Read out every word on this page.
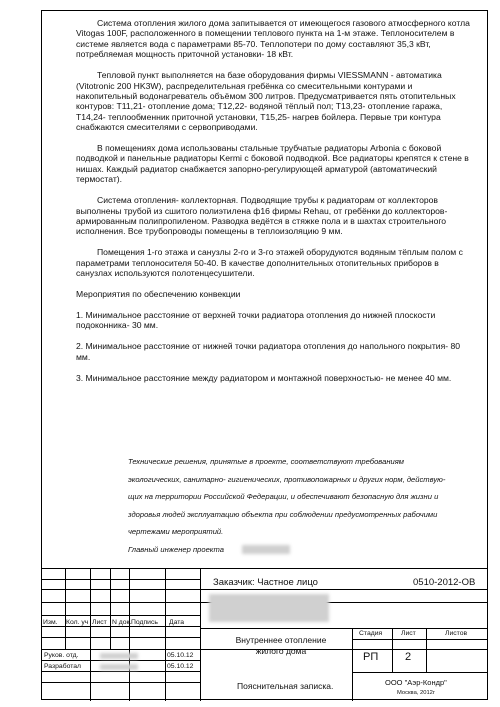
Система отопления жилого дома запитывается от имеющегося газового атмосферного котла Vitogas 100F, расположенного в помещении теплового пункта на 1-м этаже. Теплоносителем в системе является вода с параметрами 85-70. Теплопотери по дому составляют 35,3 кВт, потребляемая мощность приточной установки- 18 кВт.

Тепловой пункт выполняется на базе оборудования фирмы VIESSMANN - автоматика (Vitotronic 200 HK3W), распределительная гребёнка со смесительными контурами и накопительный водонагреватель объёмом 300 литров. Предусматривается пять отопительных контуров: Т11,21- отопление дома; Т12,22- водяной тёплый пол; Т13,23- отопление гаража, Т14,24- теплообменник приточной установки, Т15,25- нагрев бойлера. Первые три контура снабжаются смесителями с сервоприводами.

В помещениях дома использованы стальные трубчатые радиаторы Arbonia с боковой подводкой и панельные радиаторы Kermi с боковой подводкой. Все радиаторы крепятся к стене в нишах. Каждый радиатор снабжается запорно-регулирующей арматурой (автоматический термостат).

Система отопления- коллекторная. Подводящие трубы к радиаторам от коллекторов выполнены трубой из сшитого полиэтилена ф16 фирмы Rehau, от гребёнки до коллекторов- армированным полипропиленом. Разводка ведётся в стяжке пола и в шахтах строительного исполнения. Все трубопроводы помещены в теплоизоляцию 9 мм.

Помещения 1-го этажа и санузлы 2-го и 3-го этажей оборудуются водяным тёплым полом с параметрами теплоносителя 50-40. В качестве дополнительных отопительных приборов в санузлах используются полотенцесушители.

Мероприятия по обеспечению конвекции

1. Минимальное расстояние от верхней точки радиатора отопления до нижней плоскости подоконника- 30 мм.

2. Минимальное расстояние от нижней точки радиатора отопления до напольного покрытия- 80 мм.

3. Минимальное расстояние между радиатором и монтажной поверхностью- не менее 40 мм.

Технические решения, принятые в проекте, соответствуют требованиям
экологических, санитарно- гигиенических, противопожарных и других норм, действую-
щих на территории Российской Федерации, и обеспечивают безопасную для жизни и
здоровья людей эксплуатацию объекта при соблюдении предусмотренных рабочими
чертежами мероприятий.
Главный инженер проекта
Заказчик: Частное лицо	0510-2012-ОВ
Изм. Кол. уч Лист N док. Подпись Дата
Руков. отд.	05.10.12
Разработал	05.10.12
Внутреннее отопление жилого дома
Стадия	Лист	Листов
РП 2
Пояснительная записка.	ООО "Аэр-Кондр"
Москва, 2012г
